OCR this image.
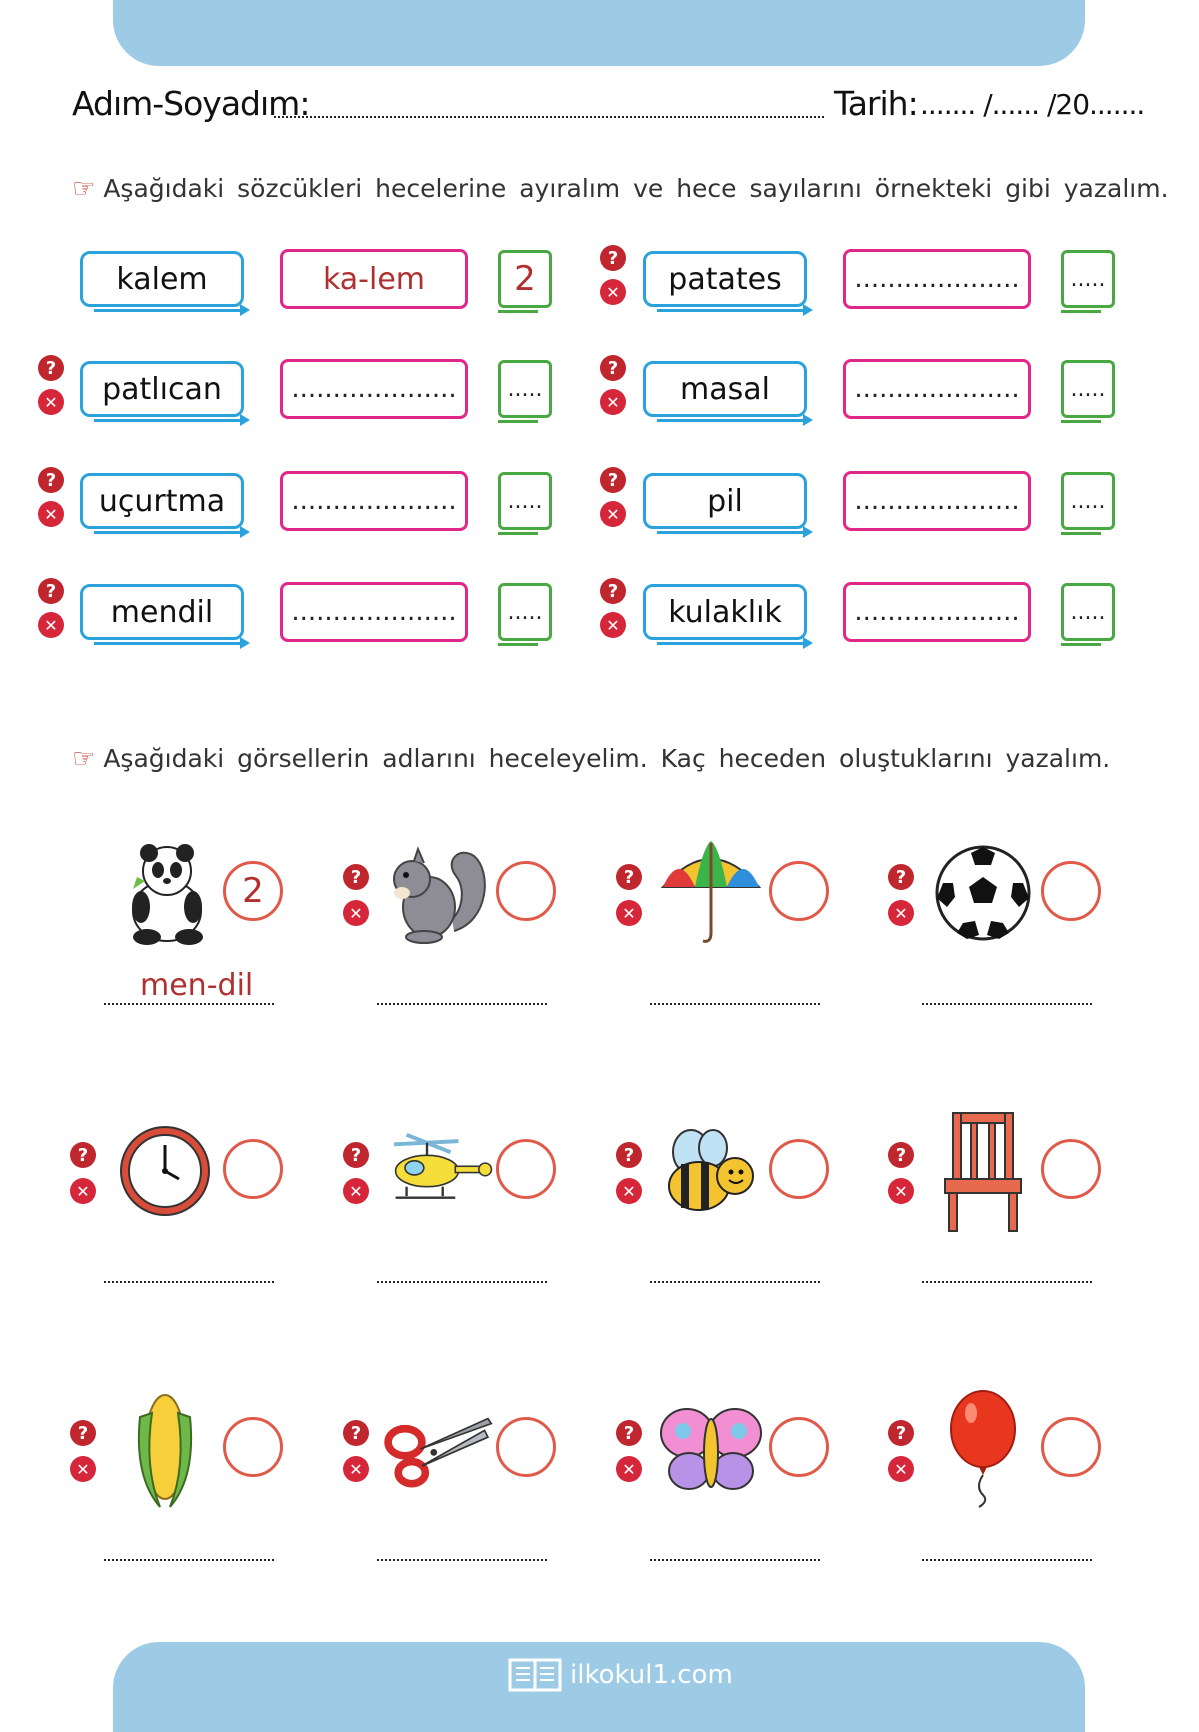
Adım-Soyadım:	Tarih: ....... /...... /20.......
☞ Aşağıdaki sözcükleri hecelerine ayıralım ve hece sayılarını örnekteki gibi yazalım.
kalem	ka-lem	2
?
✕	patates	....................	.....
?
✕	patlıcan	....................	.....
?
✕	masal	....................	.....
?
✕	uçurtma	....................	.....
?
✕	pil	....................	.....
?
✕	mendil	....................	.....
?
✕	kulaklık	....................	.....
☞ Aşağıdaki görsellerin adlarını heceleyelim. Kaç heceden oluştuklarını yazalım.
2
men-dil
?
✕
?
✕
?
✕
?
✕
?
✕
?
✕
?
✕
?
✕
?
✕
?
✕
?
✕
ilkokul1.com
